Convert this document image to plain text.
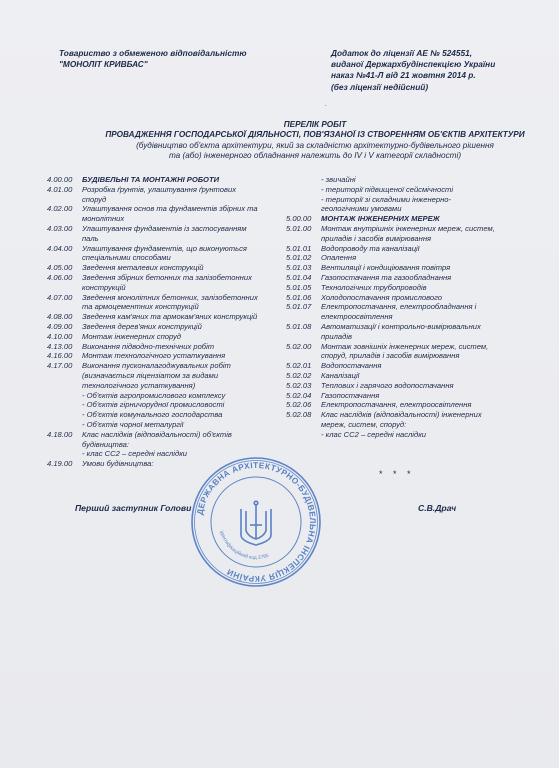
Товариство з обмеженою відповідальністю
"МОНОЛІТ КРИВБАС"
Додаток до ліцензії АЕ № 524551,
виданої Держархбудінспекцією України
наказ №41-Л від 21 жовтня 2014 р.
(без ліцензії недійсний)
.
ПЕРЕЛІК РОБІТ
ПРОВАДЖЕННЯ ГОСПОДАРСЬКОЇ ДІЯЛЬНОСТІ, ПОВ'ЯЗАНОЇ ІЗ СТВОРЕННЯМ ОБ'ЄКТІВ АРХІТЕКТУРИ
(будівництво об'єкта архітектури, який за складністю архітектурно-будівельного рішення
та (або) інженерного обладнання належить до IV і V категорії складності)
4.00.00	БУДІВЕЛЬНІ ТА МОНТАЖНІ РОБОТИ
4.01.00	Розробка ґрунтів, улаштування ґрунтових
споруд
4.02.00	Улаштування основ та фундаментів збірних та
монолітних
4.03.00	Улаштування фундаментів із застосуванням
паль
4.04.00	Улаштування фундаментів, що виконуються
спеціальними способами
4.05.00	Зведення металевих конструкцій
4.06.00	Зведення збірних бетонних та залізобетонних
конструкцій
4.07.00	Зведення монолітних бетонних, залізобетонних
та армоцементних конструкцій
4.08.00	Зведення кам'яних та армокам'яних конструкцій
4.09.00	Зведення дерев'яних конструкцій
4.10.00	Монтаж інженерних споруд
4.13.00	Виконання підводно-технічних робіт
4.16.00	Монтаж технологічного устаткування
4.17.00	Виконання пусконалагоджувальних робіт
(визначається ліцензіатом за видами
технологічного устаткування)
- Об'єктів агропромислового комплексу
- Об'єктів гірничорудної промисловості
- Об'єктів комунального господарства
- Об'єктів чорної металургії
4.18.00	Клас наслідків (відповідальності) об'єктів
будівництва:
- клас СС2 – середні наслідки
4.19.00	Умови будівництва:
- звичайні
- території підвищеної сейсмічності
- території зі складними інженерно-
геологічними умовами
5.00.00	МОНТАЖ ІНЖЕНЕРНИХ МЕРЕЖ
5.01.00	Монтаж внутрішніх інженерних мереж, систем,
приладів і засобів вимірювання
5.01.01	Водопроводу та каналізації
5.01.02	Опалення
5.01.03	Вентиляції і кондиціювання повітря
5.01.04	Газопостачання та газообладнання
5.01.05	Технологічних трубопроводів
5.01.06	Холодопостачання промислового
5.01.07	Електропостачання, електрообладнання і
електроосвітлення
5.01.08	Автоматизації і контрольно-вимірювальних
приладів
5.02.00	Монтаж зовнішніх інженерних мереж, систем,
споруд, приладів і засобів вимірювання
5.02.01	Водопостачання
5.02.02	Каналізації
5.02.03	Теплових і гарячого водопостачання
5.02.04	Газопостачання
5.02.06	Електропостачання, електроосвітлення
5.02.08	Клас наслідків (відповідальності) інженерних
мереж, систем, споруд:
- клас СС2 – середні наслідки
* * *
ДЕРЖАВНА АРХІТЕКТУРНО-БУДІВЕЛЬНА ІНСПЕКЦІЯ УКРАЇНИ
ідентифікаційний код 3795
Перший заступник Голови	С.В.Драч
